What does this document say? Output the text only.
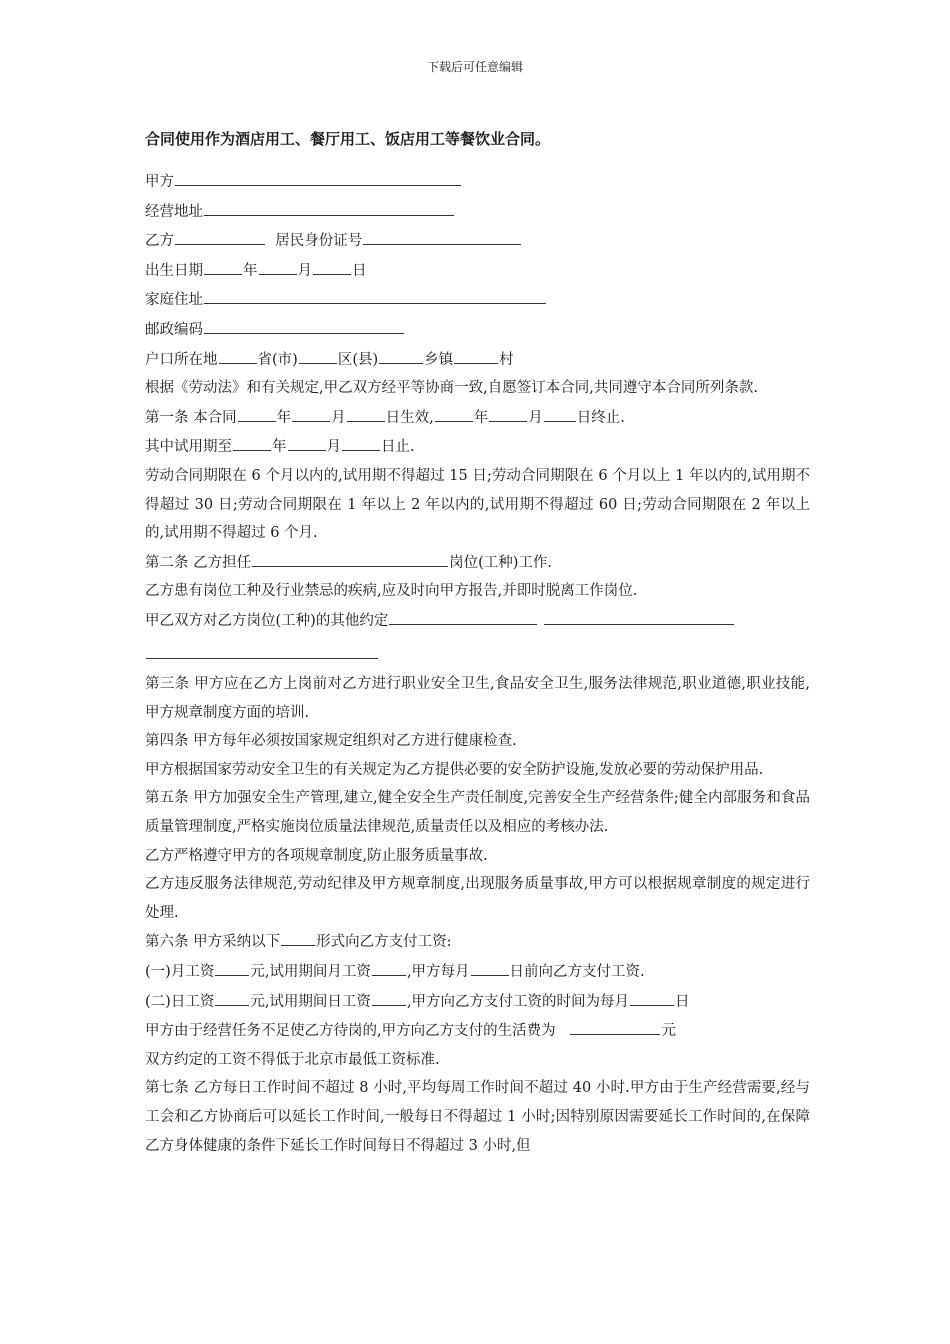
下载后可任意编辑
合同使用作为酒店用工、餐厅用工、饭店用工等餐饮业合同。
甲方
经营地址
乙方	居民身份证号
出生日期	年	月	日
家庭住址
邮政编码
户口所在地	省(市)	区(县)	乡镇	村
根据《劳动法》和有关规定,甲乙双方经平等协商一致,自愿签订本合同,共同遵守本合同所列条款.
第一条 本合同	年	月	日生效,	年	月 日终止.
其中试用期至	年	月	日止.
劳动合同期限在 6 个月以内的,试用期不得超过 15 日;劳动合同期限在 6 个月以上 1 年以内的,试用期不得超过 30 日;劳动合同期限在 1 年以上 2 年以内的,试用期不得超过 60 日;劳动合同期限在 2 年以上的,试用期不得超过 6 个月.
第二条 乙方担任	岗位(工种)工作.
乙方患有岗位工种及行业禁忌的疾病,应及时向甲方报告,并即时脱离工作岗位.
甲乙双方对乙方岗位(工种)的其他约定
第三条 甲方应在乙方上岗前对乙方进行职业安全卫生,食品安全卫生,服务法律规范,职业道德,职业技能,甲方规章制度方面的培训.
第四条 甲方每年必须按国家规定组织对乙方进行健康检查.
甲方根据国家劳动安全卫生的有关规定为乙方提供必要的安全防护设施,发放必要的劳动保护用品.
第五条 甲方加强安全生产管理,建立,健全安全生产责任制度,完善安全生产经营条件;健全内部服务和食品质量管理制度,严格实施岗位质量法律规范,质量责任以及相应的考核办法.
乙方严格遵守甲方的各项规章制度,防止服务质量事故.
乙方违反服务法律规范,劳动纪律及甲方规章制度,出现服务质量事故,甲方可以根据规章制度的规定进行处理.
第六条 甲方采纳以下 形式向乙方支付工资:
(一)月工资 元,试用期间月工资 ,甲方每月	日前向乙方支付工资.
(二)日工资 元,试用期间日工资 ,甲方向乙方支付工资的时间为每月	日
甲方由于经营任务不足使乙方待岗的,甲方向乙方支付的生活费为	元
双方约定的工资不得低于北京市最低工资标准.
第七条 乙方每日工作时间不超过 8 小时,平均每周工作时间不超过 40 小时.甲方由于生产经营需要,经与工会和乙方协商后可以延长工作时间,一般每日不得超过 1 小时;因特别原因需要延长工作时间的,在保障乙方身体健康的条件下延长工作时间每日不得超过 3 小时,但
